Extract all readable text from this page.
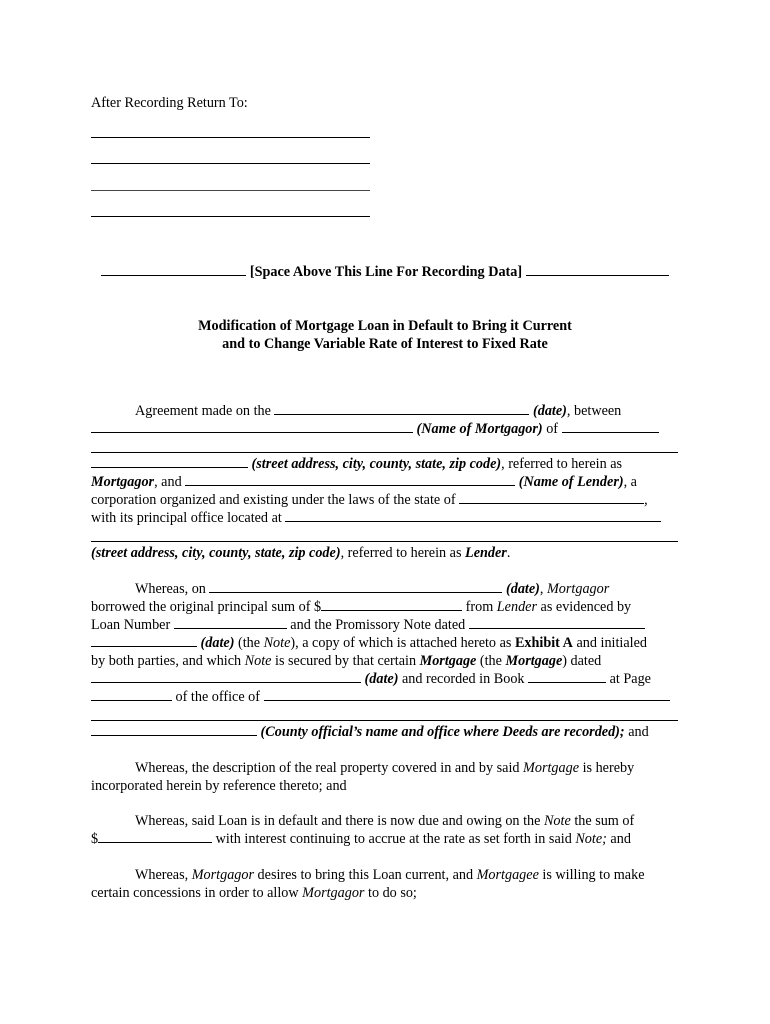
After Recording Return To:
[Space Above This Line For Recording Data]
Modification of Mortgage Loan in Default to Bring it Current
and to Change Variable Rate of Interest to Fixed Rate
Agreement made on the	(date), between
(Name of Mortgagor) of
(street address, city, county, state, zip code), referred to herein as
Mortgagor, and	(Name of Lender), a
corporation organized and existing under the laws of the state of	,
with its principal office located at
(street address, city, county, state, zip code), referred to herein as Lender.
Whereas, on	(date), Mortgagor
borrowed the original principal sum of $	from Lender as evidenced by
Loan Number	and the Promissory Note dated
(date) (the Note), a copy of which is attached hereto as Exhibit A and initialed
by both parties, and which Note is secured by that certain Mortgage (the Mortgage) dated
(date) and recorded in Book	at Page
of the office of
(County official’s name and office where Deeds are recorded); and
Whereas, the description of the real property covered in and by said Mortgage is hereby
incorporated herein by reference thereto; and
Whereas, said Loan is in default and there is now due and owing on the Note the sum of
$	with interest continuing to accrue at the rate as set forth in said Note; and
Whereas, Mortgagor desires to bring this Loan current, and Mortgagee is willing to make
certain concessions in order to allow Mortgagor to do so;
